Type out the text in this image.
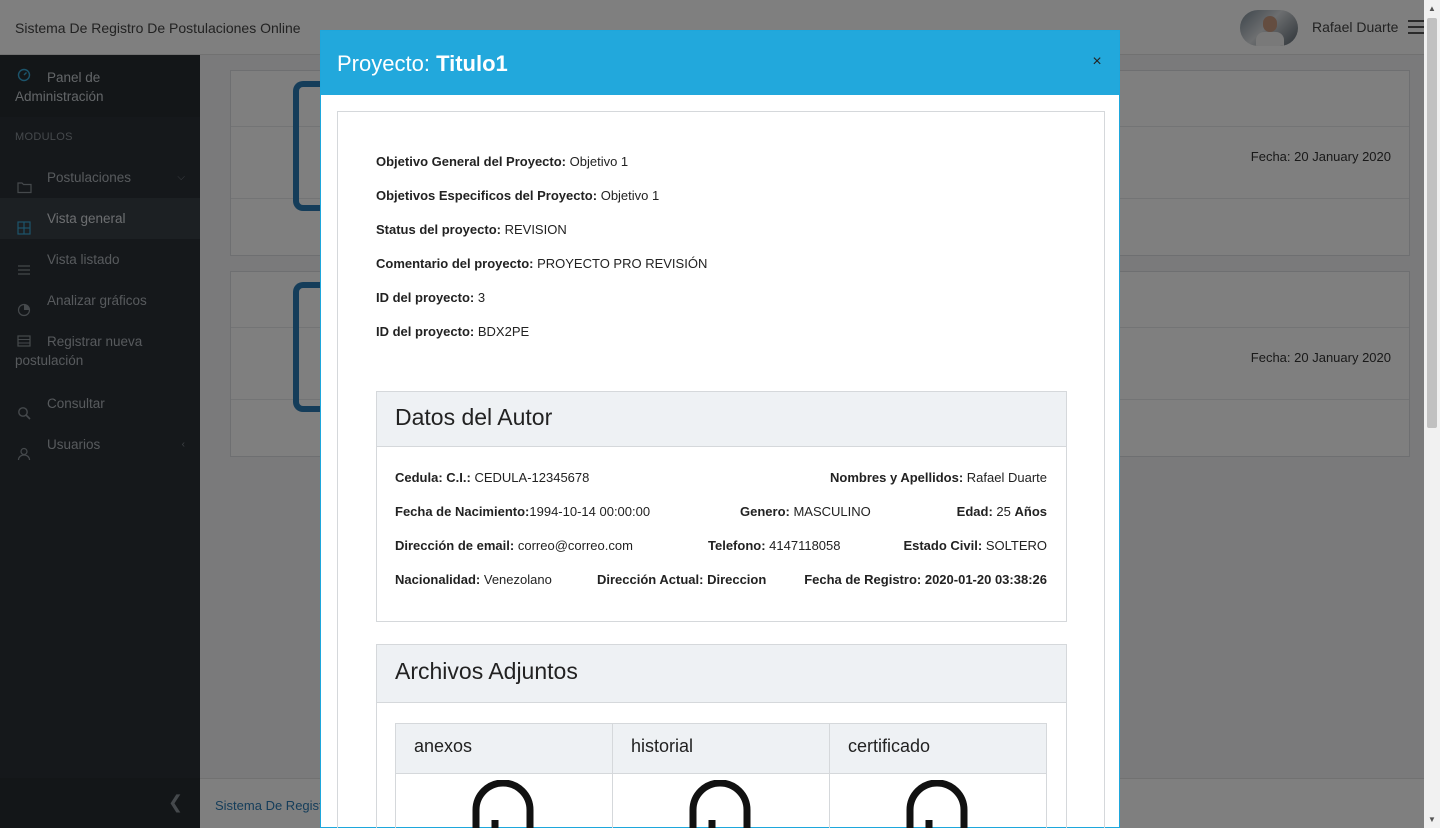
▲
▼
Proyecto: Titulo1	×
Objetivo General del Proyecto: Objetivo 1
Objetivos Especificos del Proyecto: Objetivo 1
Status del proyecto: REVISION
Comentario del proyecto: PROYECTO PRO REVISIÓN
ID del proyecto: 3
ID del proyecto: BDX2PE
Datos del Autor
Cedula: C.I.: CEDULA-12345678	Nombres y Apellidos: Rafael Duarte
Fecha de Nacimiento:1994-10-14 00:00:00	Genero: MASCULINO	Edad: 25 Años
Dirección de email: correo@correo.com	Telefono: 4147118058	Estado Civil: SOLTERO
Nacionalidad: Venezolano	Dirección Actual: Direccion	Fecha de Registro: 2020-01-20 03:38:26
Archivos Adjuntos
anexos	historial	certificado
